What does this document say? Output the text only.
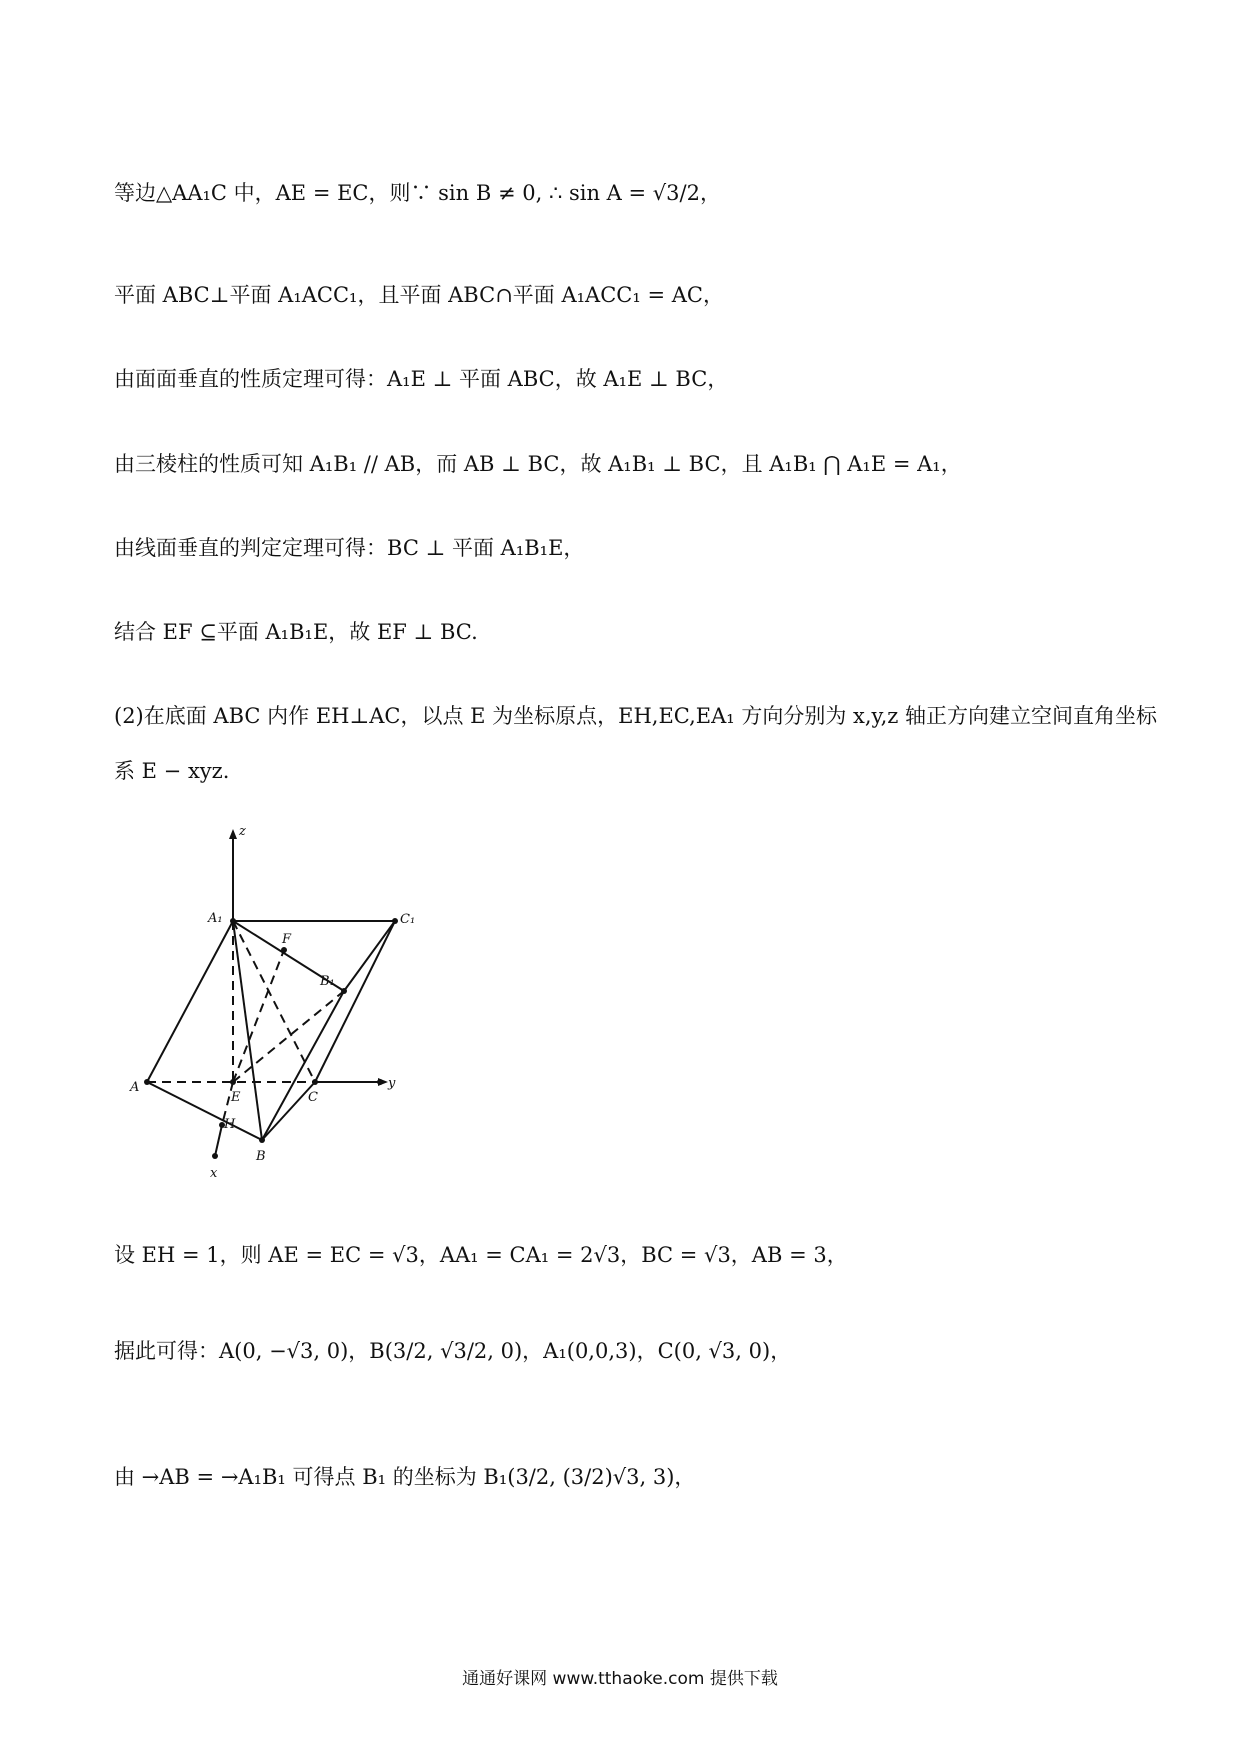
等边△AA₁C 中，AE = EC，则∵ sin B ≠ 0, ∴ sin A = √3/2，
平面 ABC⊥平面 A₁ACC₁，且平面 ABC∩平面 A₁ACC₁ = AC，
由面面垂直的性质定理可得：A₁E ⊥ 平面 ABC，故 A₁E ⊥ BC，
由三棱柱的性质可知 A₁B₁ // AB，而 AB ⊥ BC，故 A₁B₁ ⊥ BC，且 A₁B₁ ⋂ A₁E = A₁，
由线面垂直的判定定理可得：BC ⊥ 平面 A₁B₁E，
结合 EF ⊆平面 A₁B₁E，故 EF ⊥ BC.
(2)在底面 ABC 内作 EH⊥AC，以点 E 为坐标原点，EH,EC,EA₁ 方向分别为 x,y,z 轴正方向建立空间直角坐标
系 E − xyz.
z
A₁	C₁
F
B₁
A
E	C
y
H
B
x
设 EH = 1，则 AE = EC = √3，AA₁ = CA₁ = 2√3，BC = √3，AB = 3，
据此可得：A(0, −√3, 0)，B(3/2, √3/2, 0)，A₁(0,0,3)，C(0, √3, 0)，
由 →AB = →A₁B₁ 可得点 B₁ 的坐标为 B₁(3/2, (3/2)√3, 3)，
通通好课网 www.tthaoke.com 提供下载
